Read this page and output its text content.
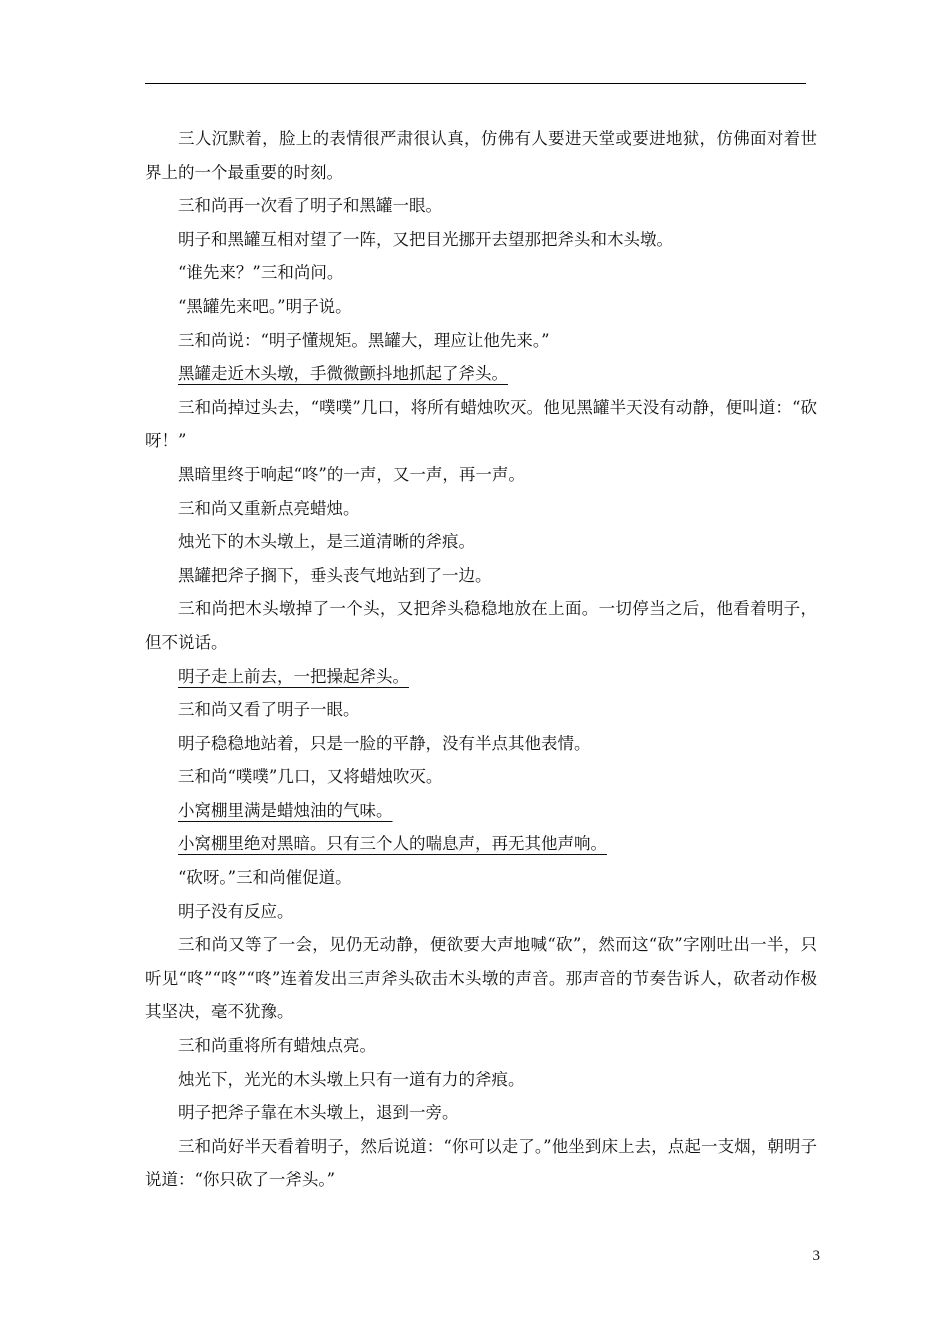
三人沉默着，脸上的表情很严肃很认真，仿佛有人要进天堂或要进地狱，仿佛面对着世界上的一个最重要的时刻。

三和尚再一次看了明子和黑罐一眼。

明子和黑罐互相对望了一阵，又把目光挪开去望那把斧头和木头墩。

“谁先来？”三和尚问。

“黑罐先来吧。”明子说。

三和尚说：“明子懂规矩。黑罐大，理应让他先来。”

黑罐走近木头墩，手微微颤抖地抓起了斧头。

三和尚掉过头去，“噗噗”几口，将所有蜡烛吹灭。他见黑罐半天没有动静，便叫道：“砍呀！”

黑暗里终于响起“咚”的一声，又一声，再一声。

三和尚又重新点亮蜡烛。

烛光下的木头墩上，是三道清晰的斧痕。

黑罐把斧子搁下，垂头丧气地站到了一边。

三和尚把木头墩掉了一个头，又把斧头稳稳地放在上面。一切停当之后，他看着明子，但不说话。

明子走上前去，一把操起斧头。

三和尚又看了明子一眼。

明子稳稳地站着，只是一脸的平静，没有半点其他表情。

三和尚“噗噗”几口，又将蜡烛吹灭。

小窝棚里满是蜡烛油的气味。

小窝棚里绝对黑暗。只有三个人的喘息声，再无其他声响。

“砍呀。”三和尚催促道。

明子没有反应。

三和尚又等了一会，见仍无动静，便欲要大声地喊“砍”，然而这“砍”字刚吐出一半，只听见“咚”“咚”“咚”连着发出三声斧头砍击木头墩的声音。那声音的节奏告诉人，砍者动作极其坚决，毫不犹豫。

三和尚重将所有蜡烛点亮。

烛光下，光光的木头墩上只有一道有力的斧痕。

明子把斧子靠在木头墩上，退到一旁。

三和尚好半天看着明子，然后说道：“你可以走了。”他坐到床上去，点起一支烟，朝明子说道：“你只砍了一斧头。”

3
